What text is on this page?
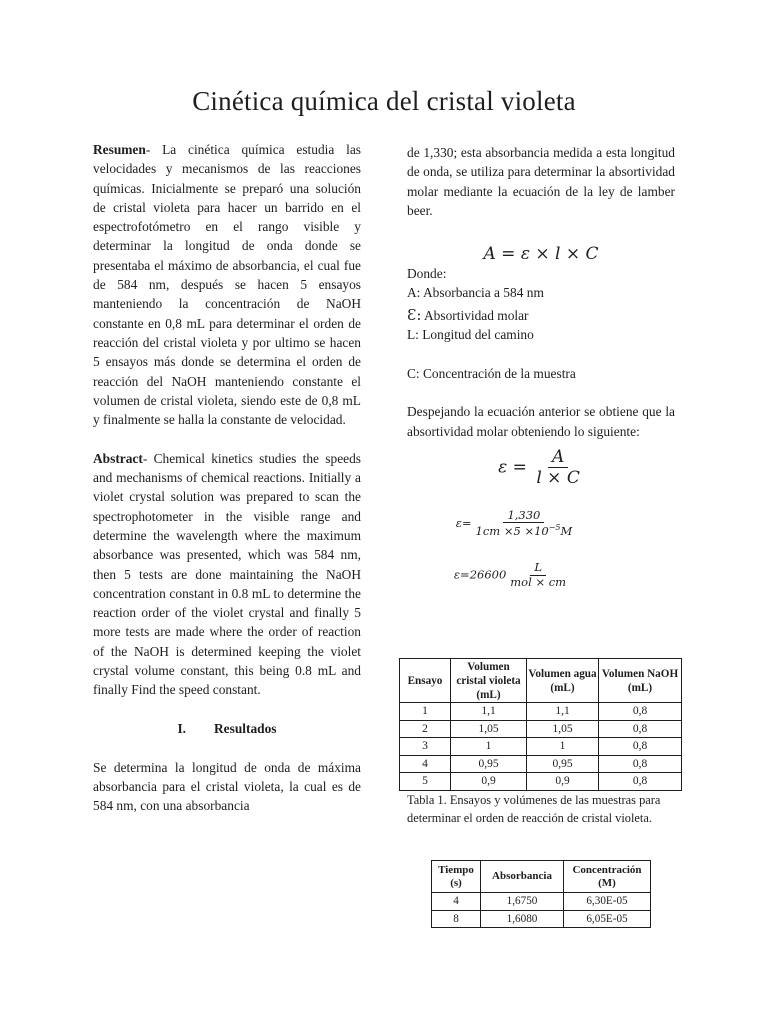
Cinética química del cristal violeta

Resumen- La cinética química estudia las velocidades y mecanismos de las reacciones químicas. Inicialmente se preparó una solución de cristal violeta para hacer un barrido en el espectrofotómetro en el rango visible y determinar la longitud de onda donde se presentaba el máximo de absorbancia, el cual fue de 584 nm, después se hacen 5 ensayos manteniendo la concentración de NaOH constante en 0,8 mL para determinar el orden de reacción del cristal violeta y por ultimo se hacen 5 ensayos más donde se determina el orden de reacción del NaOH manteniendo constante el volumen de cristal violeta, siendo este de 0,8 mL y finalmente se halla la constante de velocidad.

Abstract- Chemical kinetics studies the speeds and mechanisms of chemical reactions. Initially a violet crystal solution was prepared to scan the spectrophotometer in the visible range and determine the wavelength where the maximum absorbance was presented, which was 584 nm, then 5 tests are done maintaining the NaOH concentration constant in 0.8 mL to determine the reaction order of the violet crystal and finally 5 more tests are made where the order of reaction of the NaOH is determined keeping the violet crystal volume constant, this being 0.8 mL and finally Find the speed constant.

I. Resultados

Se determina la longitud de onda de máxima absorbancia para el cristal violeta, la cual es de 584 nm, con una absorbancia

de 1,330; esta absorbancia medida a esta longitud de onda, se utiliza para determinar la absortividad molar mediante la ecuación de la ley de lamber beer.

A = ε × l × C

Donde:

A: Absorbancia a 584 nm

Ɛ: Absortividad molar

L: Longitud del camino

C: Concentración de la muestra

Despejando la ecuación anterior se obtiene que la absortividad molar obteniendo lo siguiente:

$\varepsilon = \frac{A}{l \times C}$
$\varepsilon= \frac{1,330}{1cm \times 5 \times 10^{-5}M}$
$\varepsilon=26600 \frac{L}{\text{mol × cm}}$
Ensayo	Volumen cristal violeta (mL)	Volumen agua (mL)	Volumen NaOH (mL)
1	1,1	1,1	0,8
2	1,05	1,05	0,8
3	1	1	0,8
4	0,95	0,95	0,8
5	0,9	0,9	0,8

Tabla 1. Ensayos y volúmenes de las muestras para determinar el orden de reacción de cristal violeta.

Tiempo (s)	Absorbancia	Concentración (M)
4	1,6750	6,30E-05
8	1,6080	6,05E-05
